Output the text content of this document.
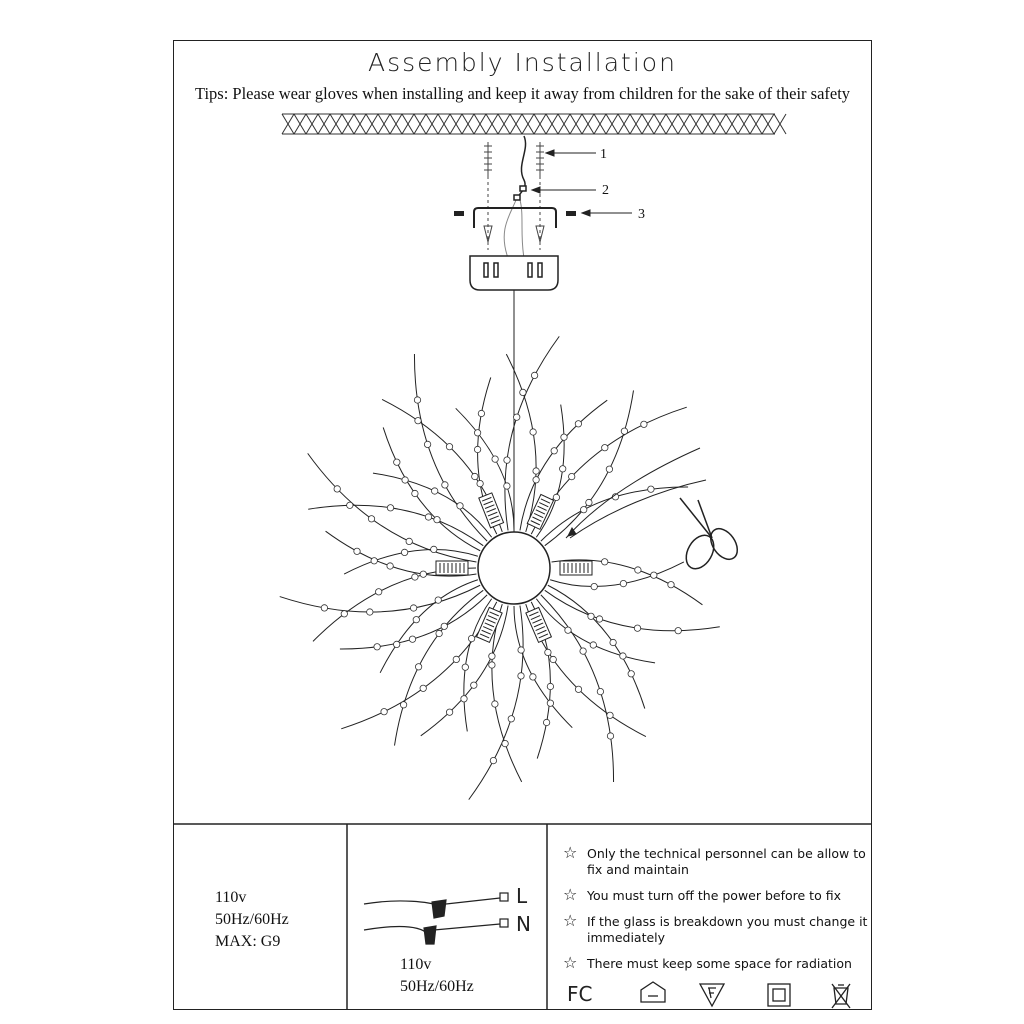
Assembly Installation
Tips: Please wear gloves when installing and keep it away from children for the sake of their safety
1
2
3
110v
50Hz/60Hz
MAX: G9
L
N
110v
50Hz/60Hz
☆ Only the technical personnel can be allow to fix and maintain
☆ You must turn off the power before to fix
☆ If the glass is breakdown you must change it immediately
☆ There must keep some space for radiation
FC
